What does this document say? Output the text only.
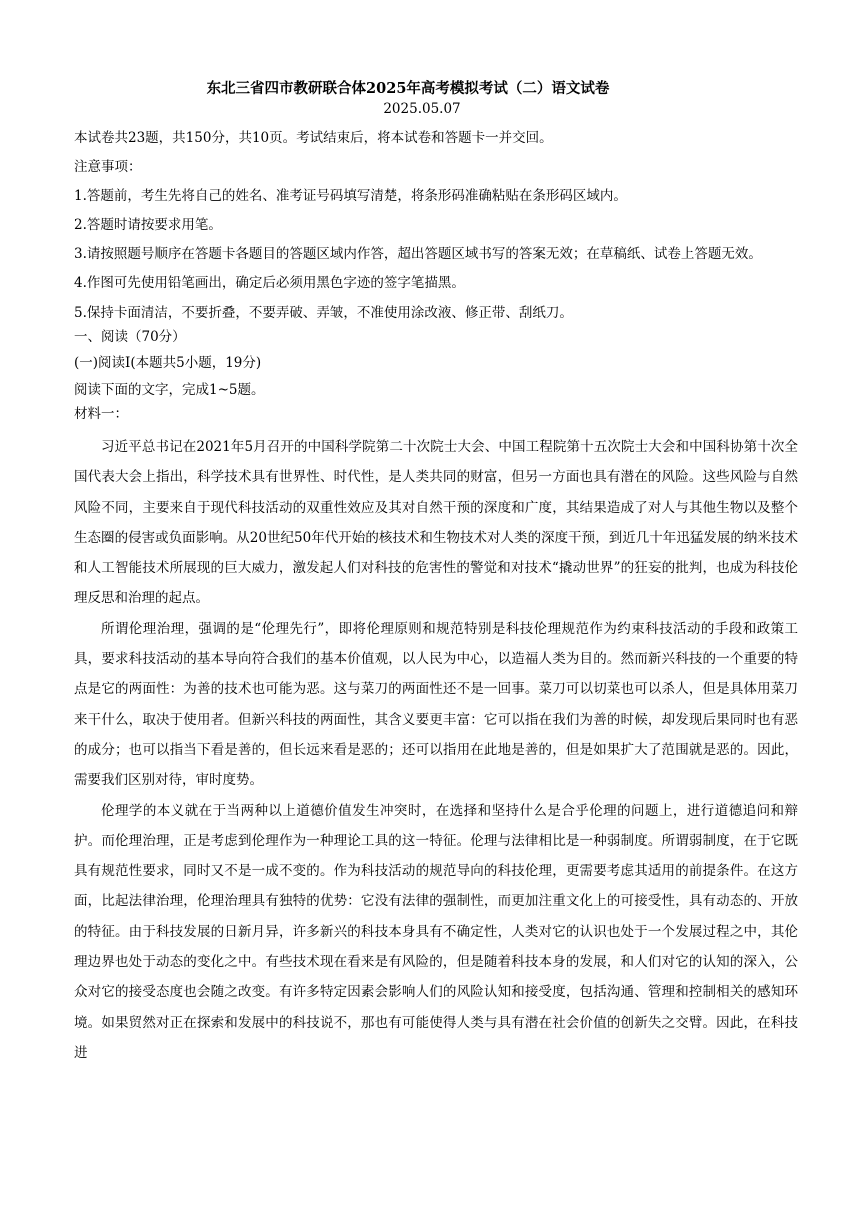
东北三省四市教研联合体2025年高考模拟考试（二）语文试卷
2025.05.07
本试卷共23题，共150分，共10页。考试结束后，将本试卷和答题卡一并交回。
注意事项：
1.答题前，考生先将自己的姓名、准考证号码填写清楚，将条形码准确粘贴在条形码区域内。
2.答题时请按要求用笔。
3.请按照题号顺序在答题卡各题目的答题区域内作答，超出答题区域书写的答案无效；在草稿纸、试卷上答题无效。
4.作图可先使用铅笔画出，确定后必须用黑色字迹的签字笔描黑。
5.保持卡面清洁，不要折叠，不要弄破、弄皱，不准使用涂改液、修正带、刮纸刀。
一、阅读（70分）
(一)阅读Ⅰ(本题共5小题，19分)
阅读下面的文字，完成1~5题。
材料一：

习近平总书记在2021年5月召开的中国科学院第二十次院士大会、中国工程院第十五次院士大会和中国科协第十次全国代表大会上指出，科学技术具有世界性、时代性，是人类共同的财富，但另一方面也具有潜在的风险。这些风险与自然风险不同，主要来自于现代科技活动的双重性效应及其对自然干预的深度和广度，其结果造成了对人与其他生物以及整个生态圈的侵害或负面影响。从20世纪50年代开始的核技术和生物技术对人类的深度干预，到近几十年迅猛发展的纳米技术和人工智能技术所展现的巨大威力，激发起人们对科技的危害性的警觉和对技术“撬动世界”的狂妄的批判，也成为科技伦理反思和治理的起点。

所谓伦理治理，强调的是“伦理先行”，即将伦理原则和规范特别是科技伦理规范作为约束科技活动的手段和政策工具，要求科技活动的基本导向符合我们的基本价值观，以人民为中心，以造福人类为目的。然而新兴科技的一个重要的特点是它的两面性：为善的技术也可能为恶。这与菜刀的两面性还不是一回事。菜刀可以切菜也可以杀人，但是具体用菜刀来干什么，取决于使用者。但新兴科技的两面性，其含义要更丰富：它可以指在我们为善的时候，却发现后果同时也有恶的成分；也可以指当下看是善的，但长远来看是恶的；还可以指用在此地是善的，但是如果扩大了范围就是恶的。因此，需要我们区别对待，审时度势。

伦理学的本义就在于当两种以上道德价值发生冲突时，在选择和坚持什么是合乎伦理的问题上，进行道德追问和辩护。而伦理治理，正是考虑到伦理作为一种理论工具的这一特征。伦理与法律相比是一种弱制度。所谓弱制度，在于它既具有规范性要求，同时又不是一成不变的。作为科技活动的规范导向的科技伦理，更需要考虑其适用的前提条件。在这方面，比起法律治理，伦理治理具有独特的优势：它没有法律的强制性，而更加注重文化上的可接受性，具有动态的、开放的特征。由于科技发展的日新月异，许多新兴的科技本身具有不确定性，人类对它的认识也处于一个发展过程之中，其伦理边界也处于动态的变化之中。有些技术现在看来是有风险的，但是随着科技本身的发展，和人们对它的认知的深入，公众对它的接受态度也会随之改变。有许多特定因素会影响人们的风险认知和接受度，包括沟通、管理和控制相关的感知环境。如果贸然对正在探索和发展中的科技说不，那也有可能使得人类与具有潜在社会价值的创新失之交臂。因此，在科技进
